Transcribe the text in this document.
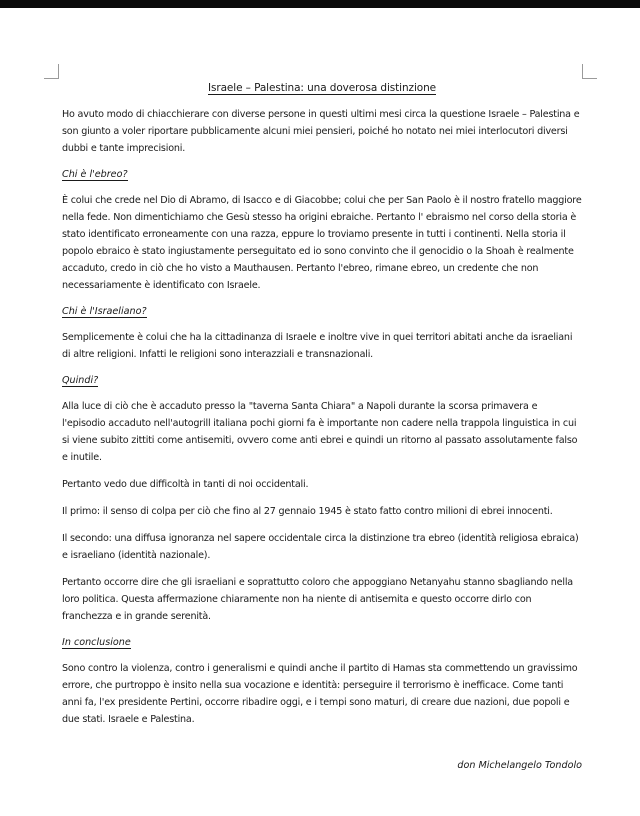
Israele – Palestina: una doverosa distinzione

Ho avuto modo di chiacchierare con diverse persone in questi ultimi mesi circa la questione Israele – Palestina e son giunto a voler riportare pubblicamente alcuni miei pensieri, poiché ho notato nei miei interlocutori diversi dubbi e tante imprecisioni.

Chi è l'ebreo?

È colui che crede nel Dio di Abramo, di Isacco e di Giacobbe; colui che per San Paolo è il nostro fratello maggiore nella fede. Non dimentichiamo che Gesù stesso ha origini ebraiche. Pertanto l' ebraismo nel corso della storia è stato identificato erroneamente con una razza, eppure lo troviamo presente in tutti i continenti. Nella storia il popolo ebraico è stato ingiustamente perseguitato ed io sono convinto che il genocidio o la Shoah è realmente accaduto, credo in ciò che ho visto a Mauthausen. Pertanto l'ebreo, rimane ebreo, un credente che non necessariamente è identificato con Israele.

Chi è l'Israeliano?

Semplicemente è colui che ha la cittadinanza di Israele e inoltre vive in quei territori abitati anche da israeliani di altre religioni. Infatti le religioni sono interazziali e transnazionali.

Quindi?

Alla luce di ciò che è accaduto presso la "taverna Santa Chiara" a Napoli durante la scorsa primavera e l'episodio accaduto nell'autogrill italiana pochi giorni fa è importante non cadere nella trappola linguistica in cui si viene subito zittiti come antisemiti, ovvero come anti ebrei e quindi un ritorno al passato assolutamente falso e inutile.

Pertanto vedo due difficoltà in tanti di noi occidentali.

Il primo: il senso di colpa per ciò che fino al 27 gennaio 1945 è stato fatto contro milioni di ebrei innocenti.

Il secondo: una diffusa ignoranza nel sapere occidentale circa la distinzione tra ebreo (identità religiosa ebraica) e israeliano (identità nazionale).

Pertanto occorre dire che gli israeliani e soprattutto coloro che appoggiano Netanyahu stanno sbagliando nella loro politica. Questa affermazione chiaramente non ha niente di antisemita e questo occorre dirlo con franchezza e in grande serenità.

In conclusione

Sono contro la violenza, contro i generalismi e quindi anche il partito di Hamas sta commettendo un gravissimo errore, che purtroppo è insito nella sua vocazione e identità: perseguire il terrorismo è inefficace. Come tanti anni fa, l'ex presidente Pertini, occorre ribadire oggi, e i tempi sono maturi, di creare due nazioni, due popoli e due stati. Israele e Palestina.

don Michelangelo Tondolo
